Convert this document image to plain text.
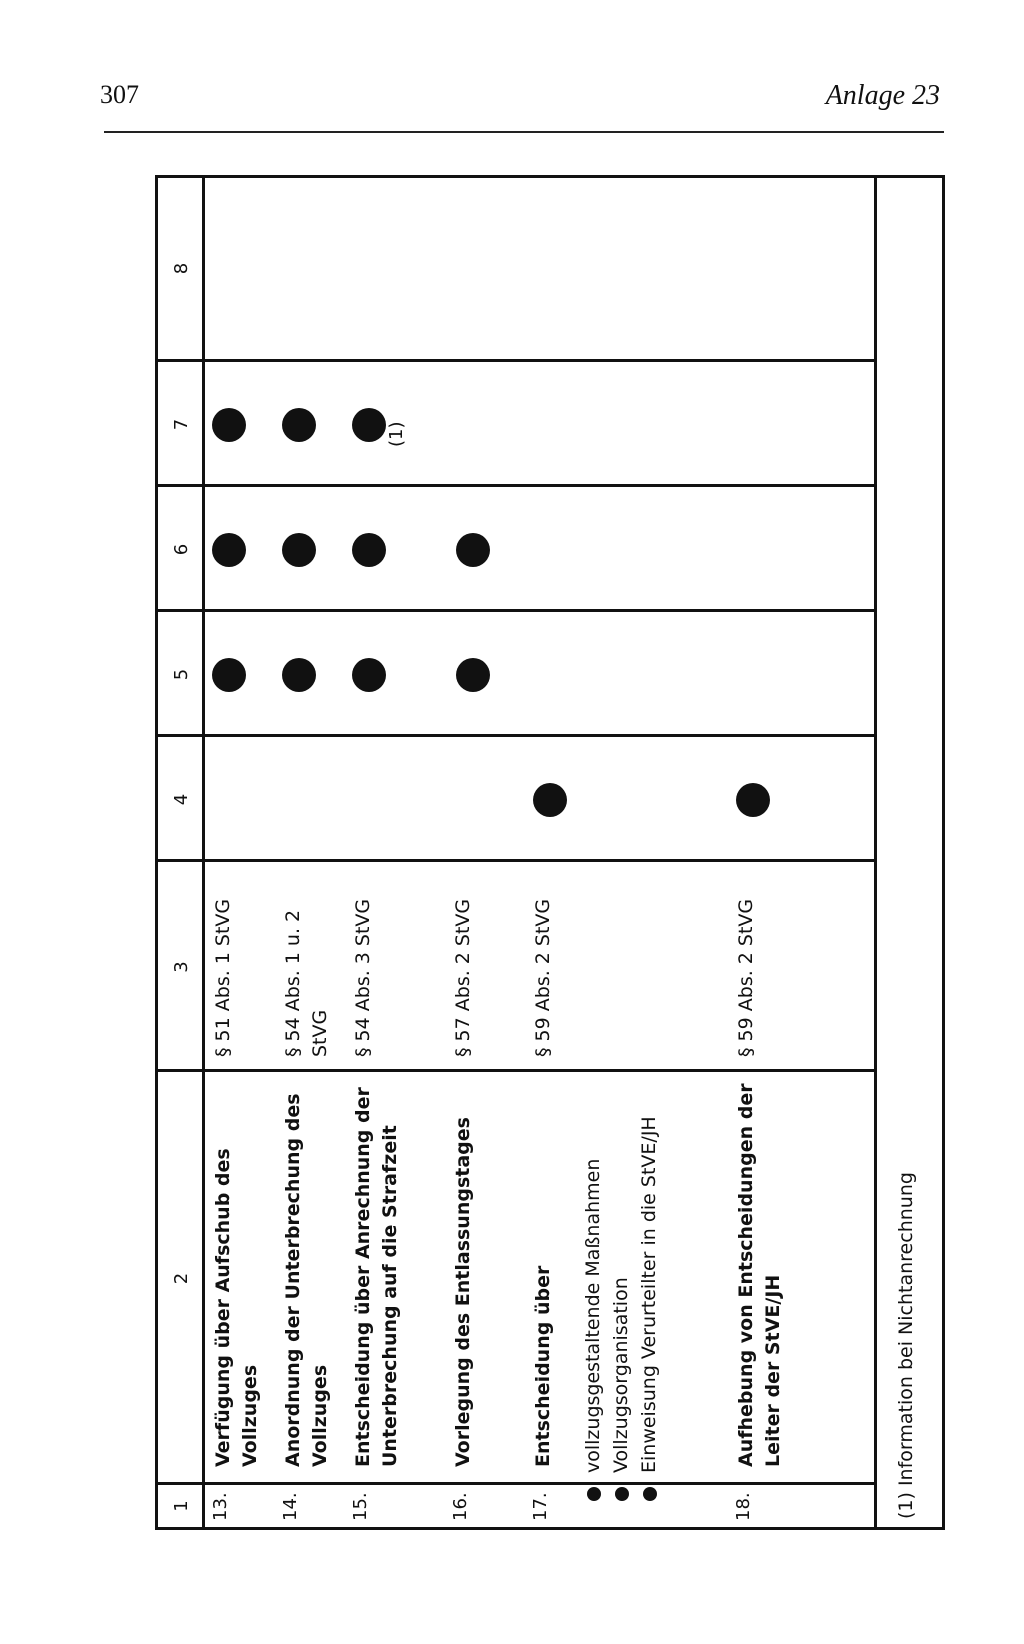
307	Anlage 23
1
2
3
4
5
6
7
8
13.
Verfügung über Aufschub des Vollzuges
§ 51 Abs. 1 StVG
14.
Anordnung der Unterbrechung des Vollzuges
§ 54 Abs. 1 u. 2 StVG
15.
Entscheidung über Anrechnung der Unterbrechung auf die Strafzeit
§ 54 Abs. 3 StVG
(1)
16.
Vorlegung des Entlassungstages
§ 57 Abs. 2 StVG
17.
Entscheidung über
§ 59 Abs. 2 StVG
vollzugsgestaltende Maßnahmen Vollzugsorganisation Einweisung Verurteilter in die StVE/JH
18.
Aufhebung von Entscheidungen der Leiter der StVE/JH
§ 59 Abs. 2 StVG
(1) Information bei Nichtanrechnung
